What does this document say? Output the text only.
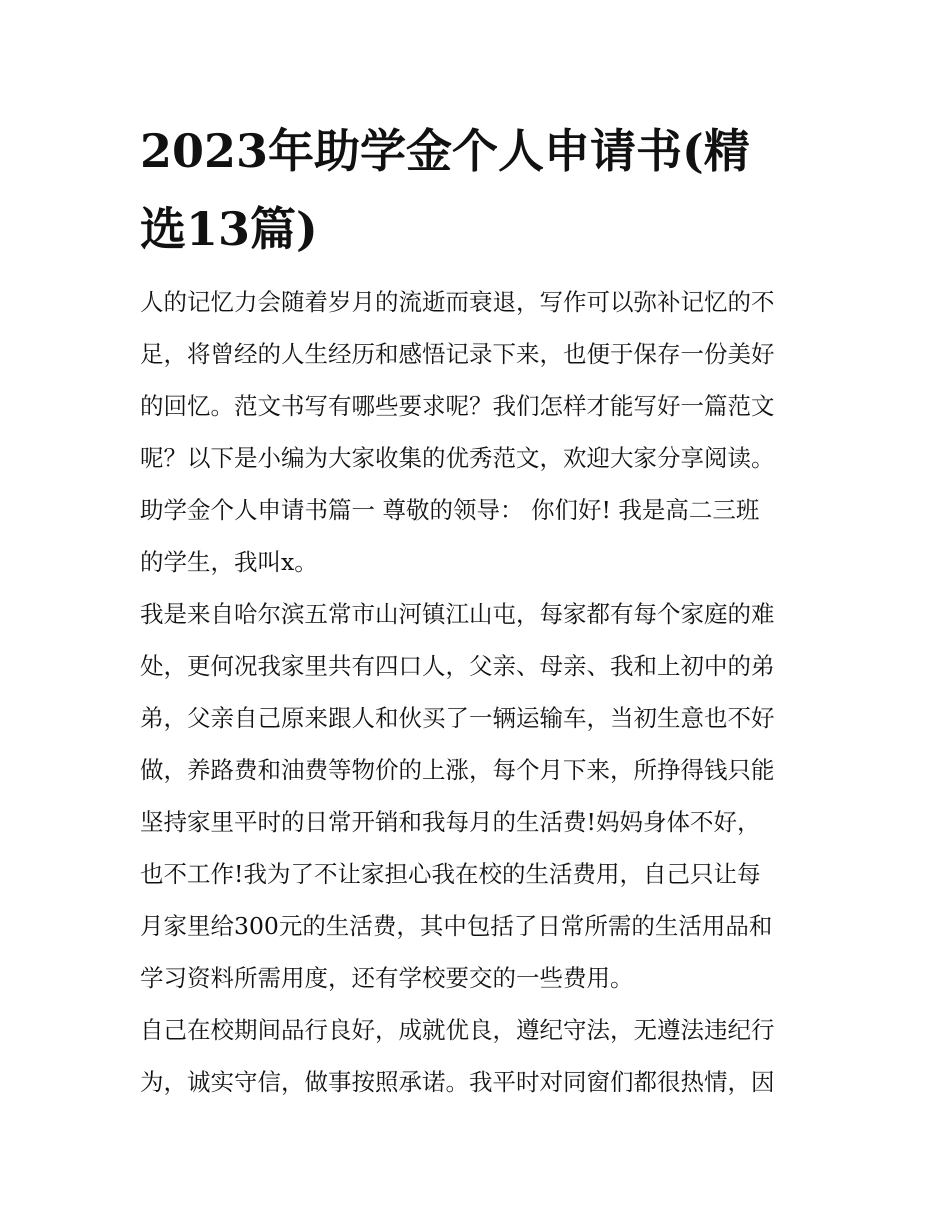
2023年助学金个人申请书(精
选13篇)
人的记忆力会随着岁月的流逝而衰退，写作可以弥补记忆的不
足，将曾经的人生经历和感悟记录下来，也便于保存一份美好
的回忆。范文书写有哪些要求呢？我们怎样才能写好一篇范文
呢？以下是小编为大家收集的优秀范文，欢迎大家分享阅读。
助学金个人申请书篇一 尊敬的领导： 你们好! 我是高二三班
的学生，我叫x。
我是来自哈尔滨五常市山河镇江山屯，每家都有每个家庭的难
处，更何况我家里共有四口人，父亲、母亲、我和上初中的弟
弟，父亲自己原来跟人和伙买了一辆运输车，当初生意也不好
做，养路费和油费等物价的上涨，每个月下来，所挣得钱只能
坚持家里平时的日常开销和我每月的生活费!妈妈身体不好，
也不工作!我为了不让家担心我在校的生活费用，自己只让每
月家里给300元的生活费，其中包括了日常所需的生活用品和
学习资料所需用度，还有学校要交的一些费用。
自己在校期间品行良好，成就优良，遵纪守法，无遵法违纪行
为，诚实守信，做事按照承诺。我平时对同窗们都很热情，因
